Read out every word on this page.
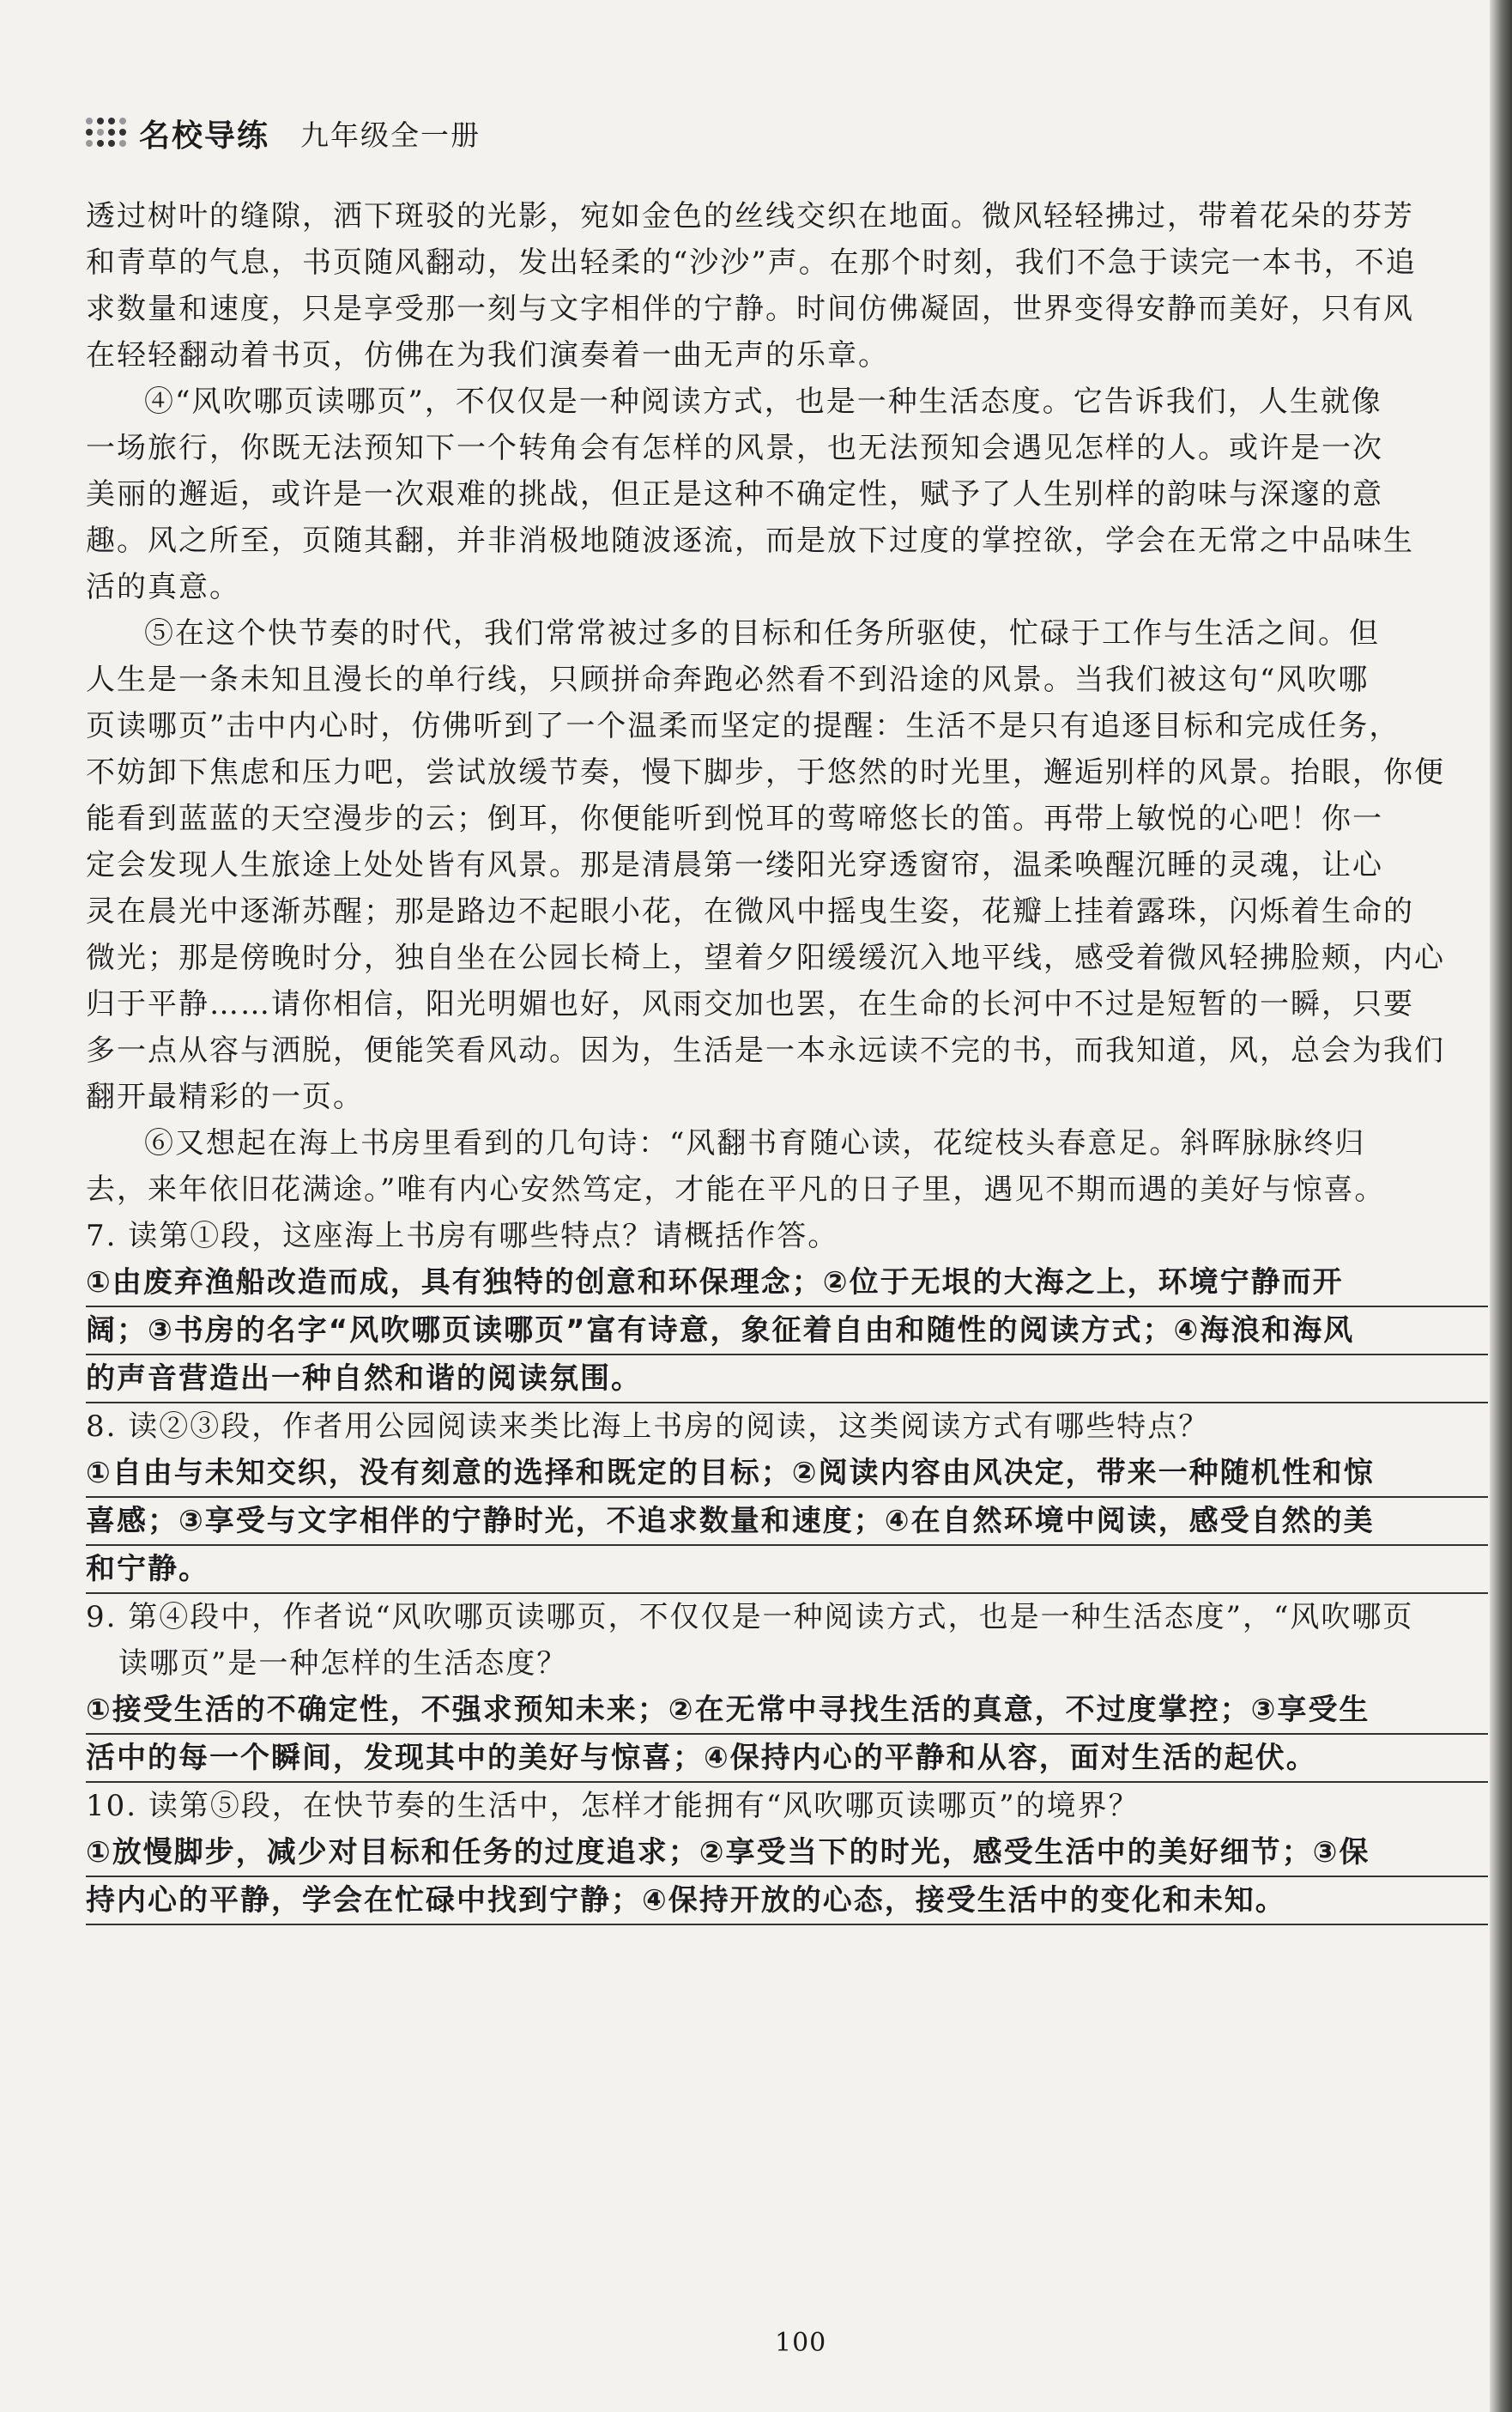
名校导练 九年级全一册

透过树叶的缝隙，洒下斑驳的光影，宛如金色的丝线交织在地面。微风轻轻拂过，带着花朵的芬芳

和青草的气息，书页随风翻动，发出轻柔的“沙沙”声。在那个时刻，我们不急于读完一本书，不追

求数量和速度，只是享受那一刻与文字相伴的宁静。时间仿佛凝固，世界变得安静而美好，只有风

在轻轻翻动着书页，仿佛在为我们演奏着一曲无声的乐章。

④“风吹哪页读哪页”，不仅仅是一种阅读方式，也是一种生活态度。它告诉我们，人生就像

一场旅行，你既无法预知下一个转角会有怎样的风景，也无法预知会遇见怎样的人。或许是一次

美丽的邂逅，或许是一次艰难的挑战，但正是这种不确定性，赋予了人生别样的韵味与深邃的意

趣。风之所至，页随其翻，并非消极地随波逐流，而是放下过度的掌控欲，学会在无常之中品味生

活的真意。

⑤在这个快节奏的时代，我们常常被过多的目标和任务所驱使，忙碌于工作与生活之间。但

人生是一条未知且漫长的单行线，只顾拼命奔跑必然看不到沿途的风景。当我们被这句“风吹哪

页读哪页”击中内心时，仿佛听到了一个温柔而坚定的提醒：生活不是只有追逐目标和完成任务，

不妨卸下焦虑和压力吧，尝试放缓节奏，慢下脚步，于悠然的时光里，邂逅别样的风景。抬眼，你便

能看到蓝蓝的天空漫步的云；倒耳，你便能听到悦耳的莺啼悠长的笛。再带上敏悦的心吧！你一

定会发现人生旅途上处处皆有风景。那是清晨第一缕阳光穿透窗帘，温柔唤醒沉睡的灵魂，让心

灵在晨光中逐渐苏醒；那是路边不起眼小花，在微风中摇曳生姿，花瓣上挂着露珠，闪烁着生命的

微光；那是傍晚时分，独自坐在公园长椅上，望着夕阳缓缓沉入地平线，感受着微风轻拂脸颊，内心

归于平静……请你相信，阳光明媚也好，风雨交加也罢，在生命的长河中不过是短暂的一瞬，只要

多一点从容与洒脱，便能笑看风动。因为，生活是一本永远读不完的书，而我知道，风，总会为我们

翻开最精彩的一页。

⑥又想起在海上书房里看到的几句诗：“风翻书育随心读，花绽枝头春意足。斜晖脉脉终归

去，来年依旧花满途。”唯有内心安然笃定，才能在平凡的日子里，遇见不期而遇的美好与惊喜。

7. 读第①段，这座海上书房有哪些特点？请概括作答。

①由废弃渔船改造而成，具有独特的创意和环保理念；②位于无垠的大海之上，环境宁静而开
阔；③书房的名字“风吹哪页读哪页”富有诗意，象征着自由和随性的阅读方式；④海浪和海风
的声音营造出一种自然和谐的阅读氛围。

8. 读②③段，作者用公园阅读来类比海上书房的阅读，这类阅读方式有哪些特点？

①自由与未知交织，没有刻意的选择和既定的目标；②阅读内容由风决定，带来一种随机性和惊
喜感；③享受与文字相伴的宁静时光，不追求数量和速度；④在自然环境中阅读，感受自然的美
和宁静。

9. 第④段中，作者说“风吹哪页读哪页，不仅仅是一种阅读方式，也是一种生活态度”，“风吹哪页

读哪页”是一种怎样的生活态度？

①接受生活的不确定性，不强求预知未来；②在无常中寻找生活的真意，不过度掌控；③享受生
活中的每一个瞬间，发现其中的美好与惊喜；④保持内心的平静和从容，面对生活的起伏。

10. 读第⑤段，在快节奏的生活中，怎样才能拥有“风吹哪页读哪页”的境界？

①放慢脚步，减少对目标和任务的过度追求；②享受当下的时光，感受生活中的美好细节；③保
持内心的平静，学会在忙碌中找到宁静；④保持开放的心态，接受生活中的变化和未知。

100
